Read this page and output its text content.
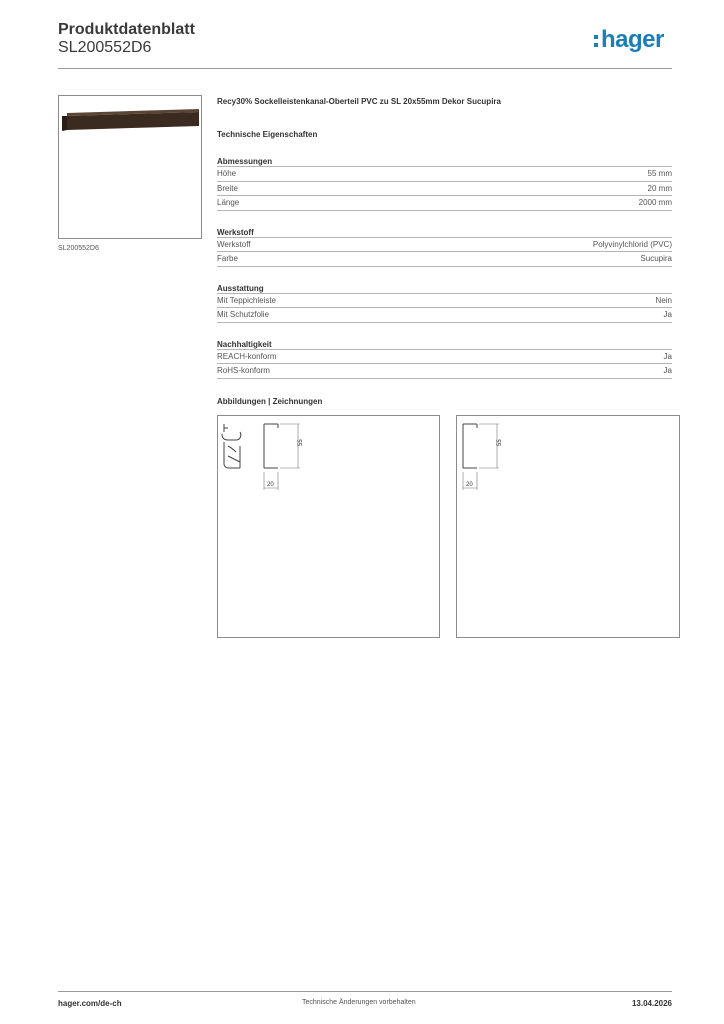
Produktdatenblatt
SL200552D6	hager
SL200552D6
Recy30% Sockelleistenkanal-Oberteil PVC zu SL 20x55mm Dekor Sucupira
Technische Eigenschaften
Abmessungen
Höhe	55 mm
Breite	20 mm
Länge	2000 mm
Werkstoff
Werkstoff	Polyvinylchlorid (PVC)
Farbe	Sucupira
Ausstattung
Mit Teppichleiste	Nein
Mit Schutzfolie	Ja
Nachhaltigkeit
REACH-konform	Ja
RoHS-konform	Ja
Abbildungen | Zeichnungen
55
20
55
20
hager.com/de-ch	Technische Änderungen vorbehalten	13.04.2026
